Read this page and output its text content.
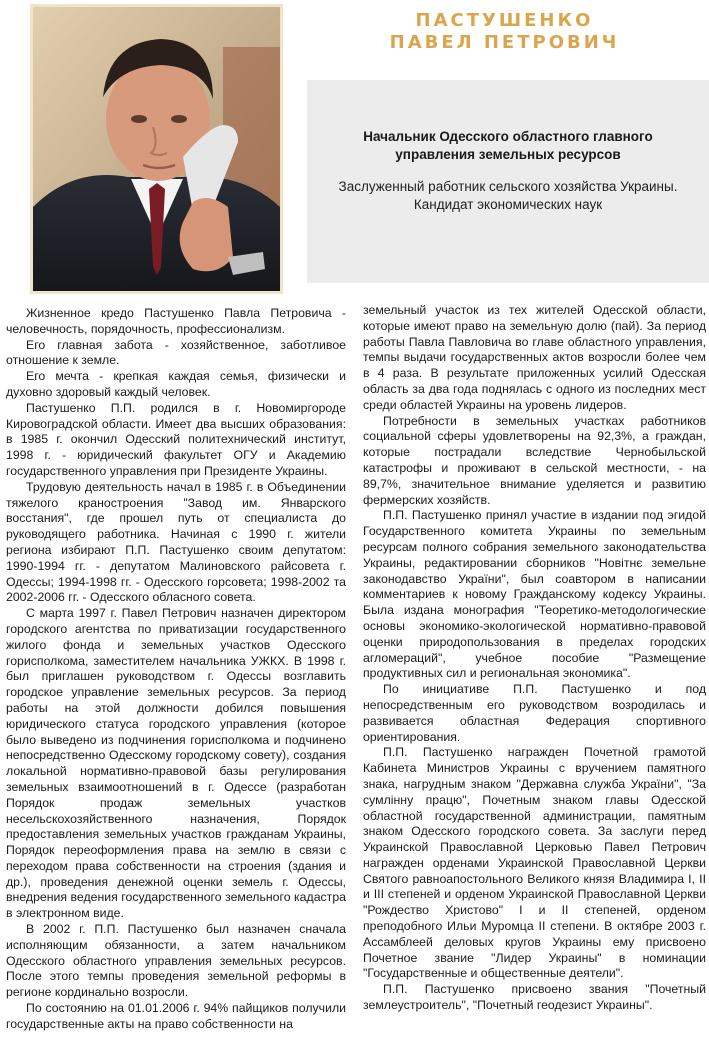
ПАСТУШЕНКО
ПАВЕЛ ПЕТРОВИЧ
Начальник Одесского областного главного
управления земельных ресурсов
Заслуженный работник сельского хозяйства Украины.
Кандидат экономических наук

Жизненное кредо Пастушенко Павла Петровича - человечность, порядочность, профессионализм.

Его главная забота - хозяйственное, заботливое отношение к земле.

Его мечта - крепкая каждая семья, физически и духовно здоровый каждый человек.

Пастушенко П.П. родился в г. Новомиргороде Кировоградской области. Имеет два высших образования: в 1985 г. окончил Одесский политехнический институт, 1998 г. - юридический факультет ОГУ и Академию государственного управления при Президенте Украины.

Трудовую деятельность начал в 1985 г. в Объединении тяжелого краностроения "Завод им. Январского восстания", где прошел путь от специалиста до руководящего работника. Начиная с 1990 г. жители региона избирают П.П. Пастушенко своим депутатом: 1990-1994 гг. - депутатом Малиновского райсовета г. Одессы; 1994-1998 гг. - Одесского горсовета; 1998-2002 та 2002-2006 гг. - Одесского обласного совета.

С марта 1997 г. Павел Петрович назначен директором городского агентства по приватизации государственного жилого фонда и земельных участков Одесского горисполкома, заместителем начальника УЖКХ. В 1998 г. был приглашен руководством г. Одессы возглавить городское управление земельных ресурсов. За период работы на этой должности добился повышения юридического статуса городского управления (которое было выведено из подчинения горисполкома и подчинено непосредственно Одесскому городскому совету), создания локальной нормативно-правовой базы регулирования земельных взаимоотношений в г. Одессе (разработан Порядок продаж земельных участков несельскохозяйственного назначения, Порядок предоставления земельных участков гражданам Украины, Порядок переоформления права на землю в связи с переходом права собственности на строения (здания и др.), проведения денежной оценки земель г. Одессы, внедрения ведения государственного земельного кадастра в электронном виде.

В 2002 г. П.П. Пастушенко был назначен сначала исполняющим обязанности, а затем начальником Одесского областного управления земельных ресурсов. После этого темпы проведения земельной реформы в регионе кординально возросли.

По состоянию на 01.01.2006 г. 94% пайщиков получили государственные акты на право собственности на

земельный участок из тех жителей Одесской области, которые имеют право на земельную долю (пай). За период работы Павла Павловича во главе областного управления, темпы выдачи государственных актов возросли более чем в 4 раза. В результате приложенных усилий Одесская область за два года поднялась с одного из последних мест среди областей Украины на уровень лидеров.

Потребности в земельных участках работников социальной сферы удовлетворены на 92,3%, а граждан, которые пострадали вследствие Чернобыльской катастрофы и проживают в сельской местности, - на 89,7%, значительное внимание уделяется и развитию фермерских хозяйств.

П.П. Пастушенко принял участие в издании под эгидой Государственного комитета Украины по земельным ресурсам полного собрания земельного законодательства Украины, редактировании сборников "Новітнє земельне законодавство України", был соавтором в написании комментариев к новому Гражданскому кодексу Украины. Была издана монография "Теоретико-методологические основы экономико-экологической нормативно-правовой оценки природопользования в пределах городских агломераций", учебное пособие "Размещение продуктивных сил и региональная экономика".

По инициативе П.П. Пастушенко и под непосредственным его руководством возродилась и развивается областная Федерация спортивного ориентирования.

П.П. Пастушенко награжден Почетной грамотой Кабинета Министров Украины с вручением памятного знака, нагрудным знаком "Державна служба України", "За сумлінну працю", Почетным знаком главы Одесской областной государственной администрации, памятным знаком Одесского городского совета. За заслуги перед Украинской Православной Церковью Павел Петрович награжден орденами Украинской Православной Церкви Святого равноапостольного Великого князя Владимира I, II и III степеней и орденом Украинской Православной Церкви "Рождество Христово" I и II степеней, орденом преподобного Ильи Муромца II степени. В октябре 2003 г. Ассамблеей деловых кругов Украины ему присвоено Почетное звание "Лидер Украины" в номинации "Государственные и общественные деятели".

П.П. Пастушенко присвоено звания "Почетный землеустроитель", "Почетный геодезист Украины".
